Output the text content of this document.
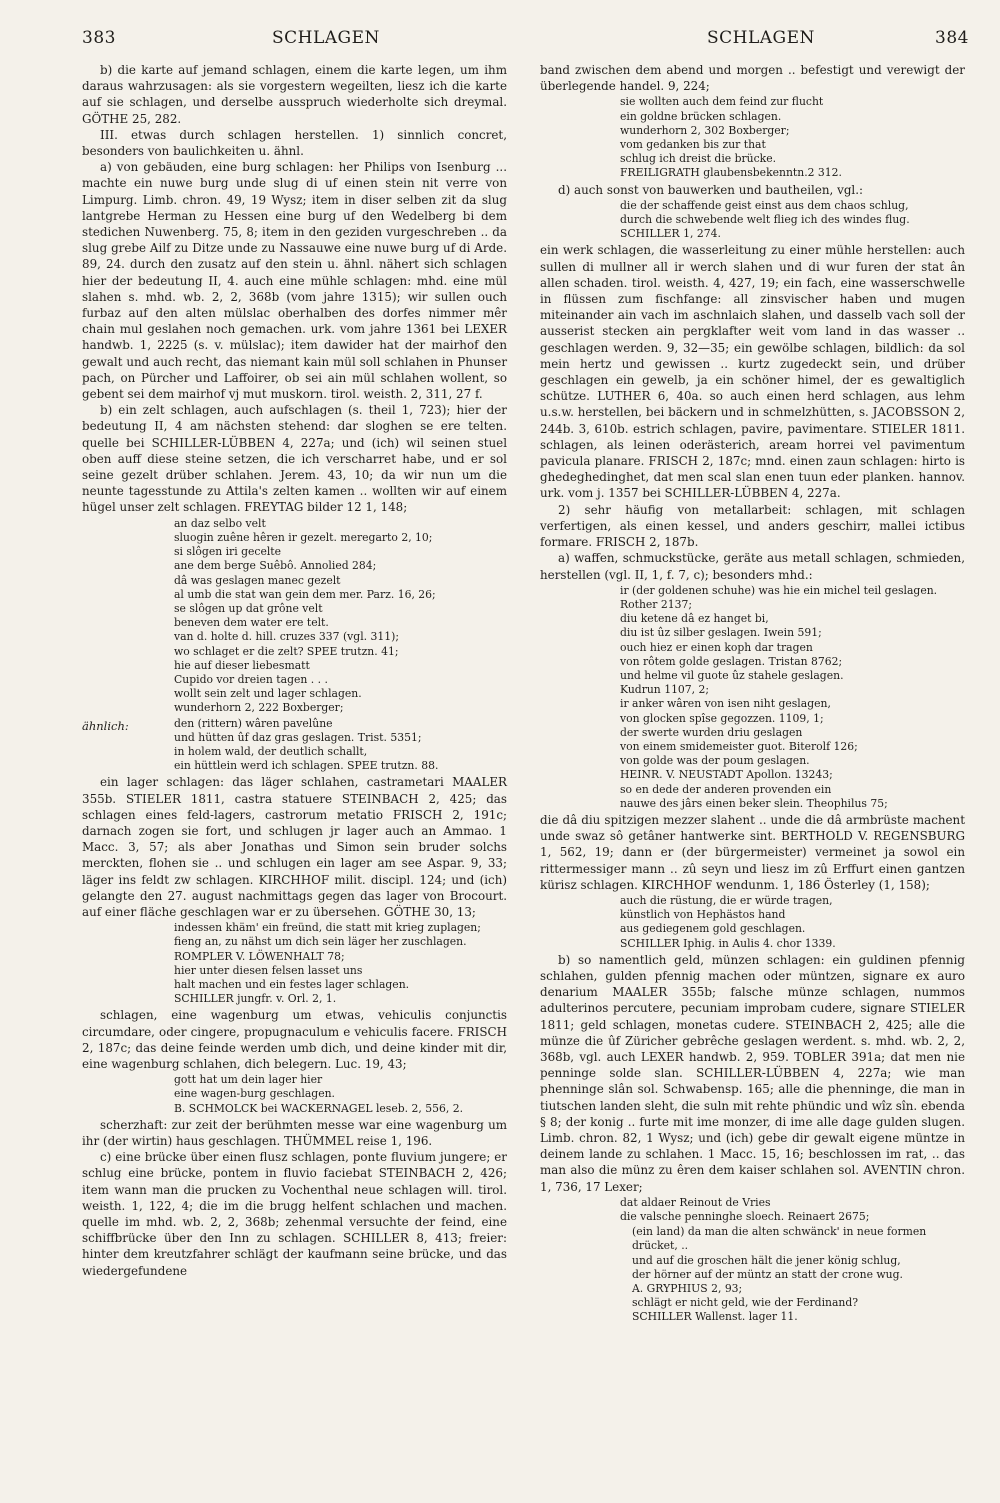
383	SCHLAGEN	SCHLAGEN	384

b) die karte auf jemand schlagen, einem die karte legen, um ihm daraus wahrzusagen: als sie vorgestern wegeilten, liesz ich die karte auf sie schlagen, und derselbe ausspruch wiederholte sich dreymal. GÖTHE 25, 282.

III. etwas durch schlagen herstellen. 1) sinnlich concret, besonders von baulichkeiten u. ähnl.

a) von gebäuden, eine burg schlagen: her Philips von Isenburg ... machte ein nuwe burg unde slug di uf einen stein nit verre von Limpurg. Limb. chron. 49, 19 Wysz; item in diser selben zit da slug lantgrebe Herman zu Hessen eine burg uf den Wedelberg bi dem stedichen Nuwenberg. 75, 8; item in den geziden vurgeschreben .. da slug grebe Ailf zu Ditze unde zu Nassauwe eine nuwe burg uf di Arde. 89, 24. durch den zusatz auf den stein u. ähnl. nähert sich schlagen hier der bedeutung II, 4. auch eine mühle schlagen: mhd. eine mül slahen s. mhd. wb. 2, 2, 368b (vom jahre 1315); wir sullen ouch furbaz auf den alten mülslac oberhalben des dorfes nimmer mêr chain mul geslahen noch gemachen. urk. vom jahre 1361 bei LEXER handwb. 1, 2225 (s. v. mülslac); item dawider hat der mairhof den gewalt und auch recht, das niemant kain mül soll schlahen in Phunser pach, on Pürcher und Laffoirer, ob sei ain mül schlahen wollent, so gebent sei dem mairhof vj mut muskorn. tirol. weisth. 2, 311, 27 f.

b) ein zelt schlagen, auch aufschlagen (s. theil 1, 723); hier der bedeutung II, 4 am nächsten stehend: dar sloghen se ere telten. quelle bei SCHILLER-LÜBBEN 4, 227a; und (ich) wil seinen stuel oben auff diese steine setzen, die ich verscharret habe, und er sol seine gezelt drüber schlahen. Jerem. 43, 10; da wir nun um die neunte tagesstunde zu Attila's zelten kamen .. wollten wir auf einem hügel unser zelt schlagen. FREYTAG bilder 12 1, 148;

an daz selbo velt
sluogin zuêne hêren ir gezelt. meregarto 2, 10;
si slôgen iri gecelte
ane dem berge Suêbô. Annolied 284;
dâ was geslagen manec gezelt
al umb die stat wan gein dem mer. Parz. 16, 26;
se slôgen up dat grône velt
beneven dem water ere telt.
van d. holte d. hill. cruzes 337 (vgl. 311);
wo schlaget er die zelt? SPEE trutzn. 41;
hie auf dieser liebesmatt
Cupido vor dreien tagen . . .
wollt sein zelt und lager schlagen.
wunderhorn 2, 222 Boxberger;
ähnlich:	den (rittern) wâren pavelûne
und hütten ûf daz gras geslagen. Trist. 5351;
in holem wald, der deutlich schallt,
ein hüttlein werd ich schlagen. SPEE trutzn. 88.

ein lager schlagen: das läger schlahen, castrametari MAALER 355b. STIELER 1811, castra statuere STEINBACH 2, 425; das schlagen eines feld-lagers, castrorum metatio FRISCH 2, 191c; darnach zogen sie fort, und schlugen jr lager auch an Ammao. 1 Macc. 3, 57; als aber Jonathas und Simon sein bruder solchs merckten, flohen sie .. und schlugen ein lager am see Aspar. 9, 33; läger ins feldt zw schlagen. KIRCHHOF milit. discipl. 124; und (ich) gelangte den 27. august nachmittags gegen das lager von Brocourt. auf einer fläche geschlagen war er zu übersehen. GÖTHE 30, 13;

indessen khäm' ein freünd, die statt mit krieg zuplagen;
fieng an, zu nähst um dich sein läger her zuschlagen.
ROMPLER V. LÖWENHALT 78;
hier unter diesen felsen lasset uns
halt machen und ein festes lager schlagen.
SCHILLER jungfr. v. Orl. 2, 1.

schlagen, eine wagenburg um etwas, vehiculis conjunctis circumdare, oder cingere, propugnaculum e vehiculis facere. FRISCH 2, 187c; das deine feinde werden umb dich, und deine kinder mit dir, eine wagenburg schlahen, dich belegern. Luc. 19, 43;

gott hat um dein lager hier
eine wagen-burg geschlagen.
B. SCHMOLCK bei WACKERNAGEL leseb. 2, 556, 2.

scherzhaft: zur zeit der berühmten messe war eine wagenburg um ihr (der wirtin) haus geschlagen. THÜMMEL reise 1, 196.

c) eine brücke über einen flusz schlagen, ponte fluvium jungere; er schlug eine brücke, pontem in fluvio faciebat STEINBACH 2, 426; item wann man die prucken zu Vochenthal neue schlagen will. tirol. weisth. 1, 122, 4; die im die brugg helfent schlachen und machen. quelle im mhd. wb. 2, 2, 368b; zehenmal versuchte der feind, eine schiffbrücke über den Inn zu schlagen. SCHILLER 8, 413; freier: hinter dem kreutzfahrer schlägt der kaufmann seine brücke, und das wiedergefundene

band zwischen dem abend und morgen .. befestigt und verewigt der überlegende handel. 9, 224;

sie wollten auch dem feind zur flucht
ein goldne brücken schlagen.
wunderhorn 2, 302 Boxberger;
vom gedanken bis zur that
schlug ich dreist die brücke.
FREILIGRATH glaubensbekenntn.2 312.

d) auch sonst von bauwerken und bautheilen, vgl.:

die der schaffende geist einst aus dem chaos schlug,
durch die schwebende welt flieg ich des windes flug.
SCHILLER 1, 274.

ein werk schlagen, die wasserleitung zu einer mühle herstellen: auch sullen di mullner all ir werch slahen und di wur furen der stat ân allen schaden. tirol. weisth. 4, 427, 19; ein fach, eine wasserschwelle in flüssen zum fischfange: all zinsvischer haben und mugen miteinander ain vach im aschnlaich slahen, und dasselb vach soll der ausserist stecken ain pergklafter weit vom land in das wasser .. geschlagen werden. 9, 32—35; ein gewölbe schlagen, bildlich: da sol mein hertz und gewissen .. kurtz zugedeckt sein, und drüber geschlagen ein gewelb, ja ein schöner himel, der es gewaltiglich schütze. LUTHER 6, 40a. so auch einen herd schlagen, aus lehm u.s.w. herstellen, bei bäckern und in schmelzhütten, s. JACOBSSON 2, 244b. 3, 610b. estrich schlagen, pavire, pavimentare. STIELER 1811. schlagen, als leinen oderästerich, aream horrei vel pavimentum pavicula planare. FRISCH 2, 187c; mnd. einen zaun schlagen: hirto is ghedeghedinghet, dat men scal slan enen tuun eder planken. hannov. urk. vom j. 1357 bei SCHILLER-LÜBBEN 4, 227a.

2) sehr häufig von metallarbeit: schlagen, mit schlagen verfertigen, als einen kessel, und anders geschirr, mallei ictibus formare. FRISCH 2, 187b.

a) waffen, schmuckstücke, geräte aus metall schlagen, schmieden, herstellen (vgl. II, 1, f. 7, c); besonders mhd.:

ir (der goldenen schuhe) was hie ein michel teil geslagen.
Rother 2137;
diu ketene dâ ez hanget bi,
diu ist ûz silber geslagen. Iwein 591;
ouch hiez er einen koph dar tragen
von rôtem golde geslagen. Tristan 8762;
und helme vil guote ûz stahele geslagen.
Kudrun 1107, 2;
ir anker wâren von isen niht geslagen,
von glocken spîse gegozzen. 1109, 1;
der swerte wurden driu geslagen
von einem smidemeister guot. Biterolf 126;
von golde was der poum geslagen.
HEINR. V. NEUSTADT Apollon. 13243;
so en dede der anderen provenden ein
nauwe des jârs einen beker slein. Theophilus 75;

die dâ diu spitzigen mezzer slahent .. unde die dâ armbrüste machent unde swaz sô getâner hantwerke sint. BERTHOLD V. REGENSBURG 1, 562, 19; dann er (der bürgermeister) vermeinet ja sowol ein rittermessiger mann .. zû seyn und liesz im zû Erffurt einen gantzen kürisz schlagen. KIRCHHOF wendunm. 1, 186 Österley (1, 158);

auch die rüstung, die er würde tragen,
künstlich von Hephästos hand
aus gediegenem gold geschlagen.
SCHILLER Iphig. in Aulis 4. chor 1339.

b) so namentlich geld, münzen schlagen: ein guldinen pfennig schlahen, gulden pfennig machen oder müntzen, signare ex auro denarium MAALER 355b; falsche münze schlagen, nummos adulterinos percutere, pecuniam improbam cudere, signare STIELER 1811; geld schlagen, monetas cudere. STEINBACH 2, 425; alle die münze die ûf Züricher gebrêche geslagen werdent. s. mhd. wb. 2, 2, 368b, vgl. auch LEXER handwb. 2, 959. TOBLER 391a; dat men nie penninge solde slan. SCHILLER-LÜBBEN 4, 227a; wie man phenninge slân sol. Schwabensp. 165; alle die phenninge, die man in tiutschen landen sleht, die suln mit rehte phündic und wîz sîn. ebenda § 8; der konig .. furte mit ime monzer, di ime alle dage gulden slugen. Limb. chron. 82, 1 Wysz; und (ich) gebe dir gewalt eigene müntze in deinem lande zu schlahen. 1 Macc. 15, 16; beschlossen im rat, .. das man also die münz zu êren dem kaiser schlahen sol. AVENTIN chron. 1, 736, 17 Lexer;

dat aldaer Reinout de Vries
die valsche penninghe sloech. Reinaert 2675;
(ein land) da man die alten schwänck' in neue formen drücket, ..
und auf die groschen hält die jener könig schlug,
der hörner auf der müntz an statt der crone wug.
A. GRYPHIUS 2, 93;
schlägt er nicht geld, wie der Ferdinand?
SCHILLER Wallenst. lager 11.
